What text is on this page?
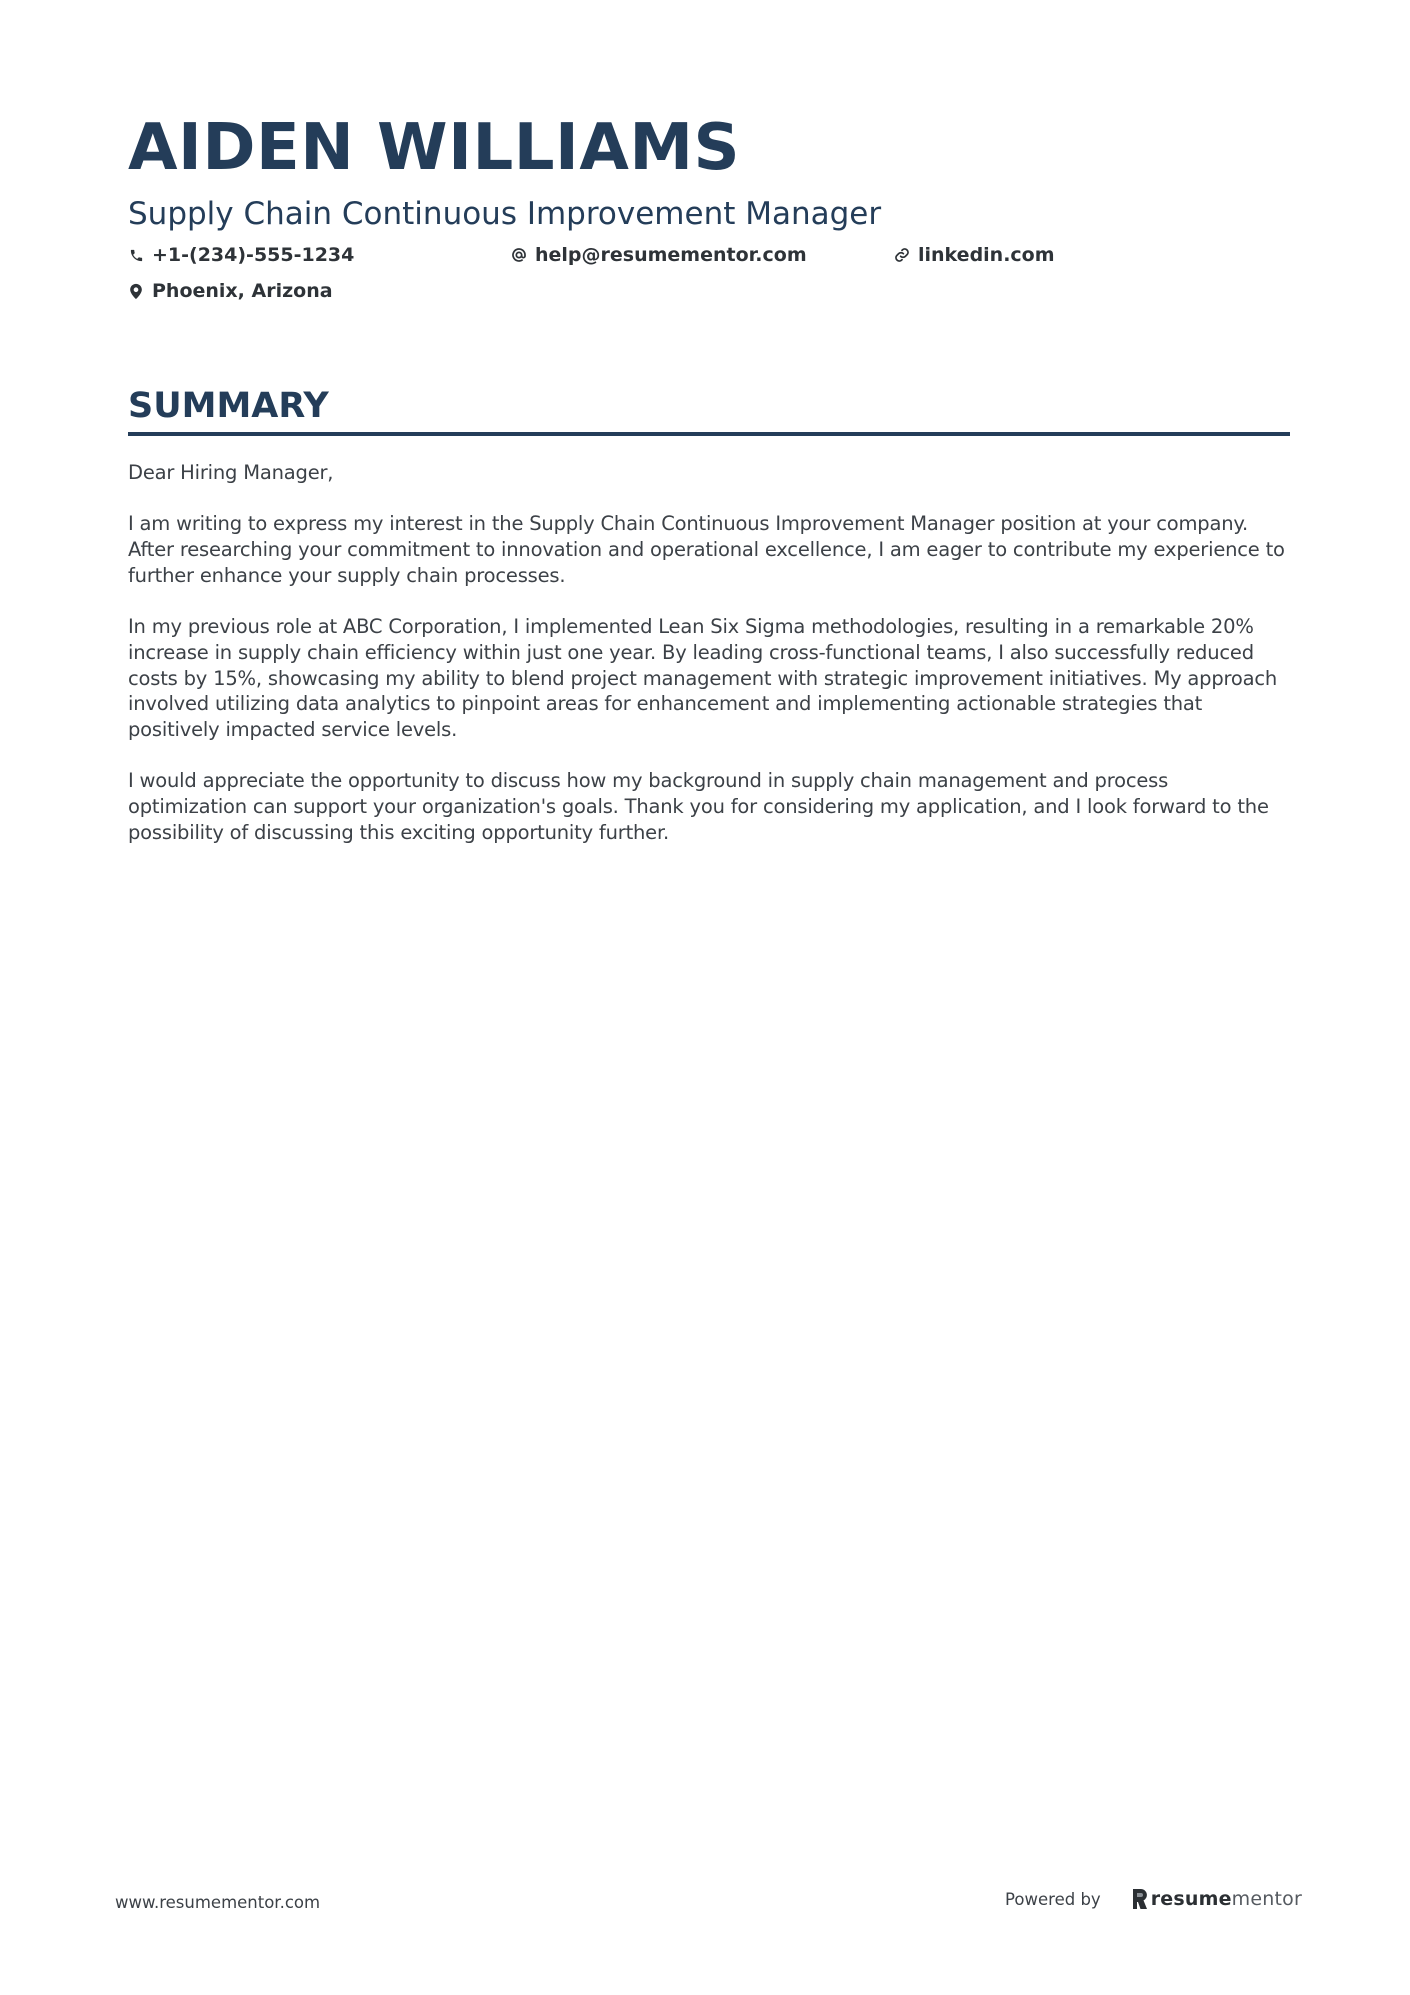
AIDEN WILLIAMS
Supply Chain Continuous Improvement Manager
+1-(234)-555-1234	help@resumementor.com	linkedin.com
Phoenix, Arizona
SUMMARY

Dear Hiring Manager,

I am writing to express my interest in the Supply Chain Continuous Improvement Manager position at your company. After researching your commitment to innovation and operational excellence, I am eager to contribute my experience to further enhance your supply chain processes.

In my previous role at ABC Corporation, I implemented Lean Six Sigma methodologies, resulting in a remarkable 20% increase in supply chain efficiency within just one year. By leading cross-functional teams, I also successfully reduced costs by 15%, showcasing my ability to blend project management with strategic improvement initiatives. My approach involved utilizing data analytics to pinpoint areas for enhancement and implementing actionable strategies that positively impacted service levels.

I would appreciate the opportunity to discuss how my background in supply chain management and process optimization can support your organization's goals. Thank you for considering my application, and I look forward to the possibility of discussing this exciting opportunity further.

www.resumementor.com	Powered by	resume mentor
